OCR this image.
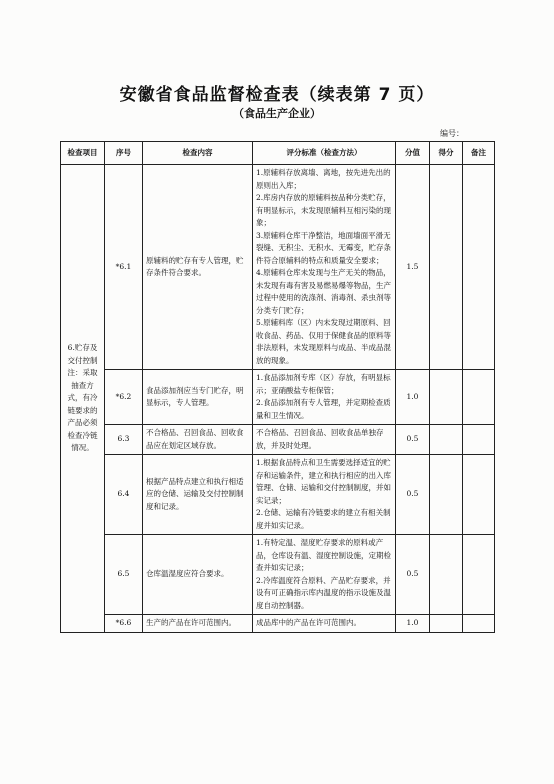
安徽省食品监督检查表（续表第 7 页）
（食品生产企业）
编号：
检查项目	序号	检查内容	评分标准（检查方法）	分值	得分	备注
6.贮存及交付控制注：采取抽查方式，有冷链要求的产品必须检查冷链情况。	*6.1	原辅料的贮存有专人管理，贮存条件符合要求。	1.原辅料存放离墙、离地，按先进先出的原则出入库；
2.库房内存放的原辅料按品种分类贮存，有明显标示，未发现原辅料互相污染的现象；
3.原辅料仓库干净整洁，地面墙面平滑无裂缝、无积尘、无积水、无霉变，贮存条件符合原辅料的特点和质量安全要求；
4.原辅料仓库未发现与生产无关的物品，未发现有毒有害及易燃易爆等物品，生产过程中使用的洗涤剂、消毒剂、杀虫剂等分类专门贮存；
5.原辅料库（区）内未发现过期原料、回收食品、药品、仅用于保健食品的原料等非法原料，未发现原料与成品、半成品混放的现象。	1.5		
	*6.2	食品添加剂应当专门贮存，明显标示，专人管理。	1.食品添加剂专库（区）存放，有明显标示；亚硝酸盐专柜保管；
2.食品添加剂有专人管理，并定期检查质量和卫生情况。	1.0		
	6.3	不合格品、召回食品、回收食品应在划定区域存放。	不合格品、召回食品、回收食品单独存放，并及时处理。	0.5		
	6.4	根据产品特点建立和执行相适应的仓储、运输及交付控制制度和记录。	1.根据食品特点和卫生需要选择适宜的贮存和运输条件，建立和执行相应的出入库管理、仓储、运输和交付控制制度，并如实记录；
2.仓储、运输有冷链要求的建立有相关制度并如实记录。	0.5		
	6.5	仓库温湿度应符合要求。	1.有特定温、湿度贮存要求的原料或产品，仓库设有温、湿度控制设施，定期检查并如实记录；
2.冷库温度符合原料、产品贮存要求，并设有可正确指示库内温度的指示设施及温度自动控制器。	0.5		
	*6.6	生产的产品在许可范围内。	成品库中的产品在许可范围内。	1.0		
